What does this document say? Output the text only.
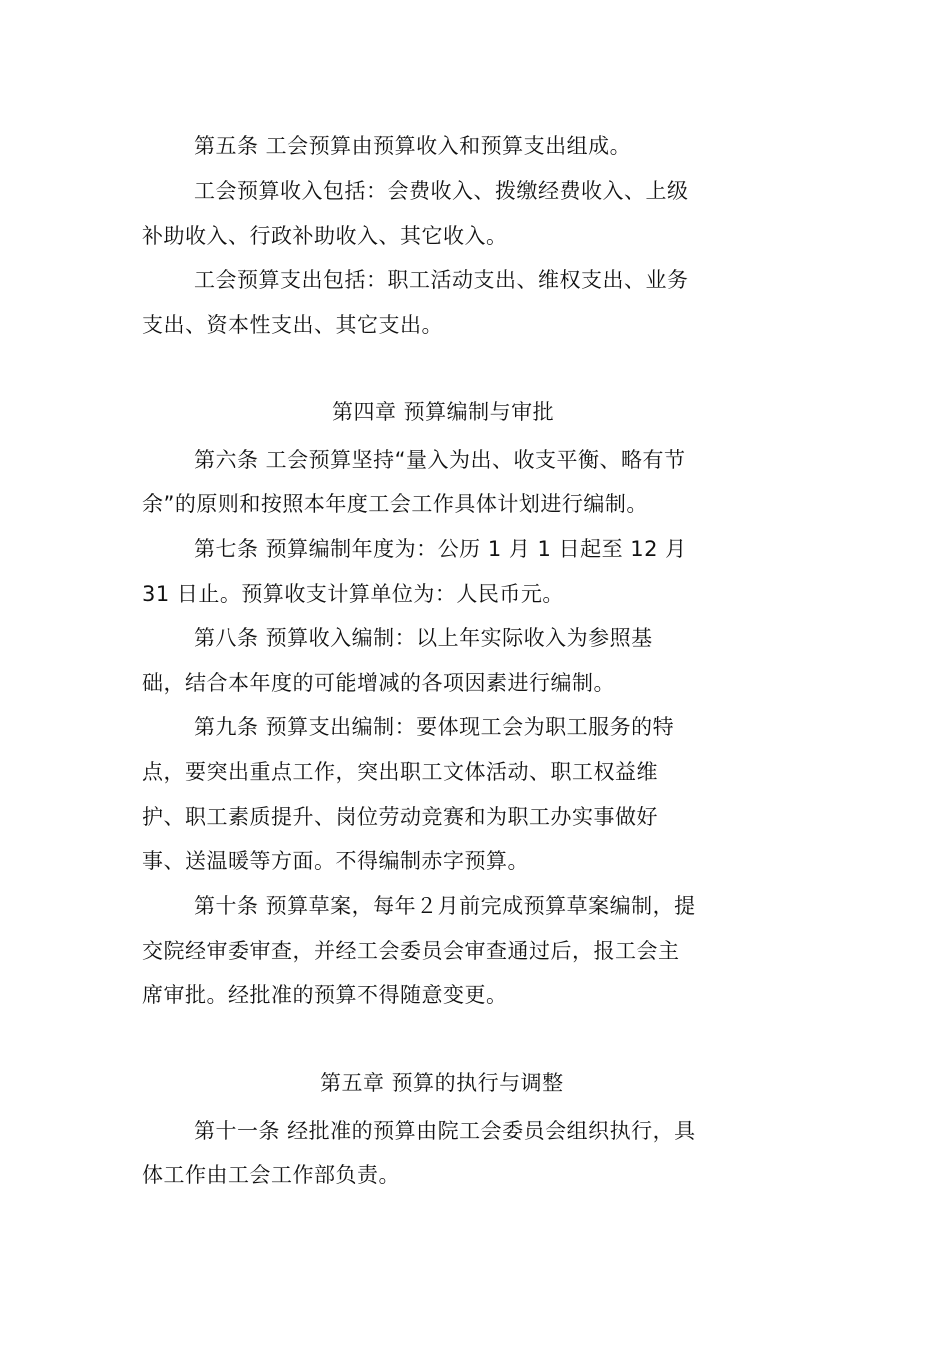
第五条 工会预算由预算收入和预算支出组成。
工会预算收入包括：会费收入、拨缴经费收入、上级
补助收入、行政补助收入、其它收入。
工会预算支出包括：职工活动支出、维权支出、业务
支出、资本性支出、其它支出。
第四章 预算编制与审批
第六条 工会预算坚持“量入为出、收支平衡、略有节
余”的原则和按照本年度工会工作具体计划进行编制。
第七条 预算编制年度为：公历 1 月 1 日起至 12 月
31 日止。预算收支计算单位为：人民币元。
第八条 预算收入编制：以上年实际收入为参照基
础，结合本年度的可能增减的各项因素进行编制。
第九条 预算支出编制：要体现工会为职工服务的特
点，要突出重点工作，突出职工文体活动、职工权益维
护、职工素质提升、岗位劳动竞赛和为职工办实事做好
事、送温暖等方面。不得编制赤字预算。
第十条 预算草案，每年２月前完成预算草案编制，提
交院经审委审查，并经工会委员会审查通过后，报工会主
席审批。经批准的预算不得随意变更。
第五章 预算的执行与调整
第十一条 经批准的预算由院工会委员会组织执行，具
体工作由工会工作部负责。
